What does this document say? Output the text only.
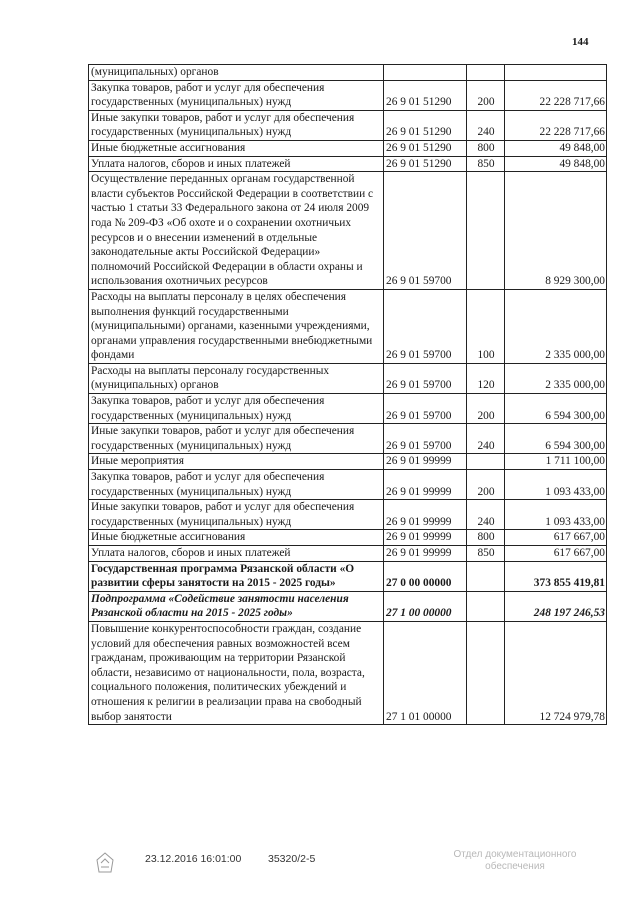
144
(муниципальных) органов			
Закупка товаров, работ и услуг для обеспечения государственных (муниципальных) нужд	26 9 01 51290	200	22 228 717,66
Иные закупки товаров, работ и услуг для обеспечения государственных (муниципальных) нужд	26 9 01 51290	240	22 228 717,66
Иные бюджетные ассигнования	26 9 01 51290	800	49 848,00
Уплата налогов, сборов и иных платежей	26 9 01 51290	850	49 848,00
Осуществление переданных органам государственной власти субъектов Российской Федерации в соответствии с частью 1 статьи 33 Федерального закона от 24 июля 2009 года № 209-ФЗ «Об охоте и о сохранении охотничьих ресурсов и о внесении изменений в отдельные законодательные акты Российской Федерации» полномочий Российской Федерации в области охраны и использования охотничьих ресурсов	26 9 01 59700		8 929 300,00
Расходы на выплаты персоналу в целях обеспечения выполнения функций государственными (муниципальными) органами, казенными учреждениями, органами управления государственными внебюджетными фондами	26 9 01 59700	100	2 335 000,00
Расходы на выплаты персоналу государственных (муниципальных) органов	26 9 01 59700	120	2 335 000,00
Закупка товаров, работ и услуг для обеспечения государственных (муниципальных) нужд	26 9 01 59700	200	6 594 300,00
Иные закупки товаров, работ и услуг для обеспечения государственных (муниципальных) нужд	26 9 01 59700	240	6 594 300,00
Иные мероприятия	26 9 01 99999		1 711 100,00
Закупка товаров, работ и услуг для обеспечения государственных (муниципальных) нужд	26 9 01 99999	200	1 093 433,00
Иные закупки товаров, работ и услуг для обеспечения государственных (муниципальных) нужд	26 9 01 99999	240	1 093 433,00
Иные бюджетные ассигнования	26 9 01 99999	800	617 667,00
Уплата налогов, сборов и иных платежей	26 9 01 99999	850	617 667,00
Государственная программа Рязанской области «О развитии сферы занятости на 2015 - 2025 годы»	27 0 00 00000		373 855 419,81
Подпрограмма «Содействие занятости населения Рязанской области на 2015 - 2025 годы»	27 1 00 00000		248 197 246,53
Повышение конкурентоспособности граждан, создание условий для обеспечения равных возможностей всем гражданам, проживающим на территории Рязанской области, независимо от национальности, пола, возраста, социального положения, политических убеждений и отношения к религии в реализации права на свободный выбор занятости	27 1 01 00000		12 724 979,78
23.12.2016 16:01:00	35320/2-5	Отдел документационного обеспечения
